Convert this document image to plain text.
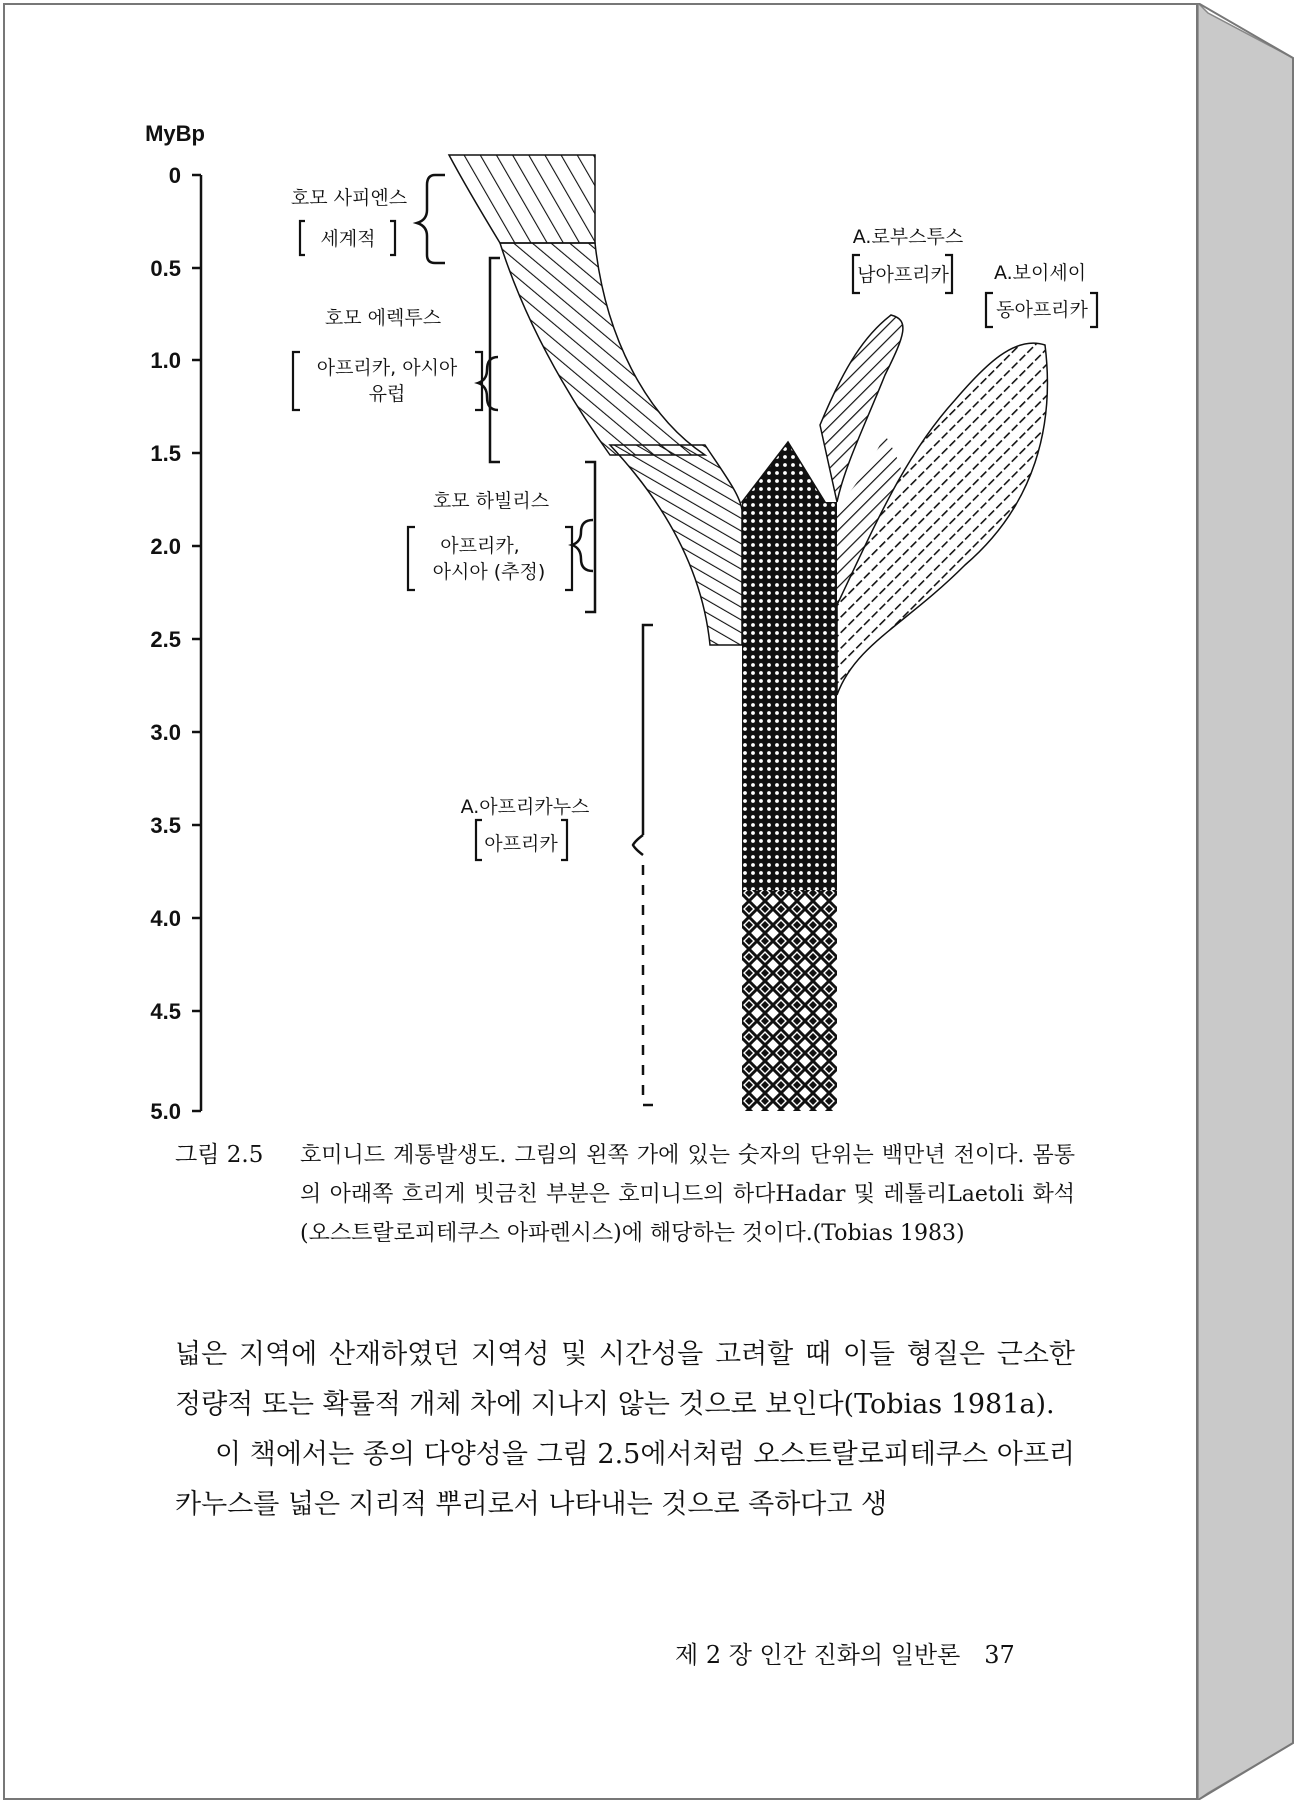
MyBp
0
0.5
1.0
1.5
2.0
2.5
3.0
3.5
4.0
4.5
5.0
호모 사피엔스
세계적
호모 에렉투스
아프리카, 아시아
유럽
호모 하빌리스
아프리카,
아시아 (추정)
A.아프리카누스
아프리카
A.로부스투스
남아프리카 A.보이세이
동아프리카
그림 2.5 호미니드 계통발생도. 그림의 왼쪽 가에 있는 숫자의 단위는 백만년 전이다. 몸통의 아래쪽 흐리게 빗금친 부분은 호미니드의 하다Hadar 및 레톨리Laetoli 화석(오스트랄로피테쿠스 아파렌시스)에 해당하는 것이다.(Tobias 1983)

넓은 지역에 산재하였던 지역성 및 시간성을 고려할 때 이들 형질은 근소한 정량적 또는 확률적 개체 차에 지나지 않는 것으로 보인다(Tobias 1981a).

이 책에서는 종의 다양성을 그림 2.5에서처럼 오스트랄로피테쿠스 아프리카누스를 넓은 지리적 뿌리로서 나타내는 것으로 족하다고 생

제 2 장 인간 진화의 일반론 37
